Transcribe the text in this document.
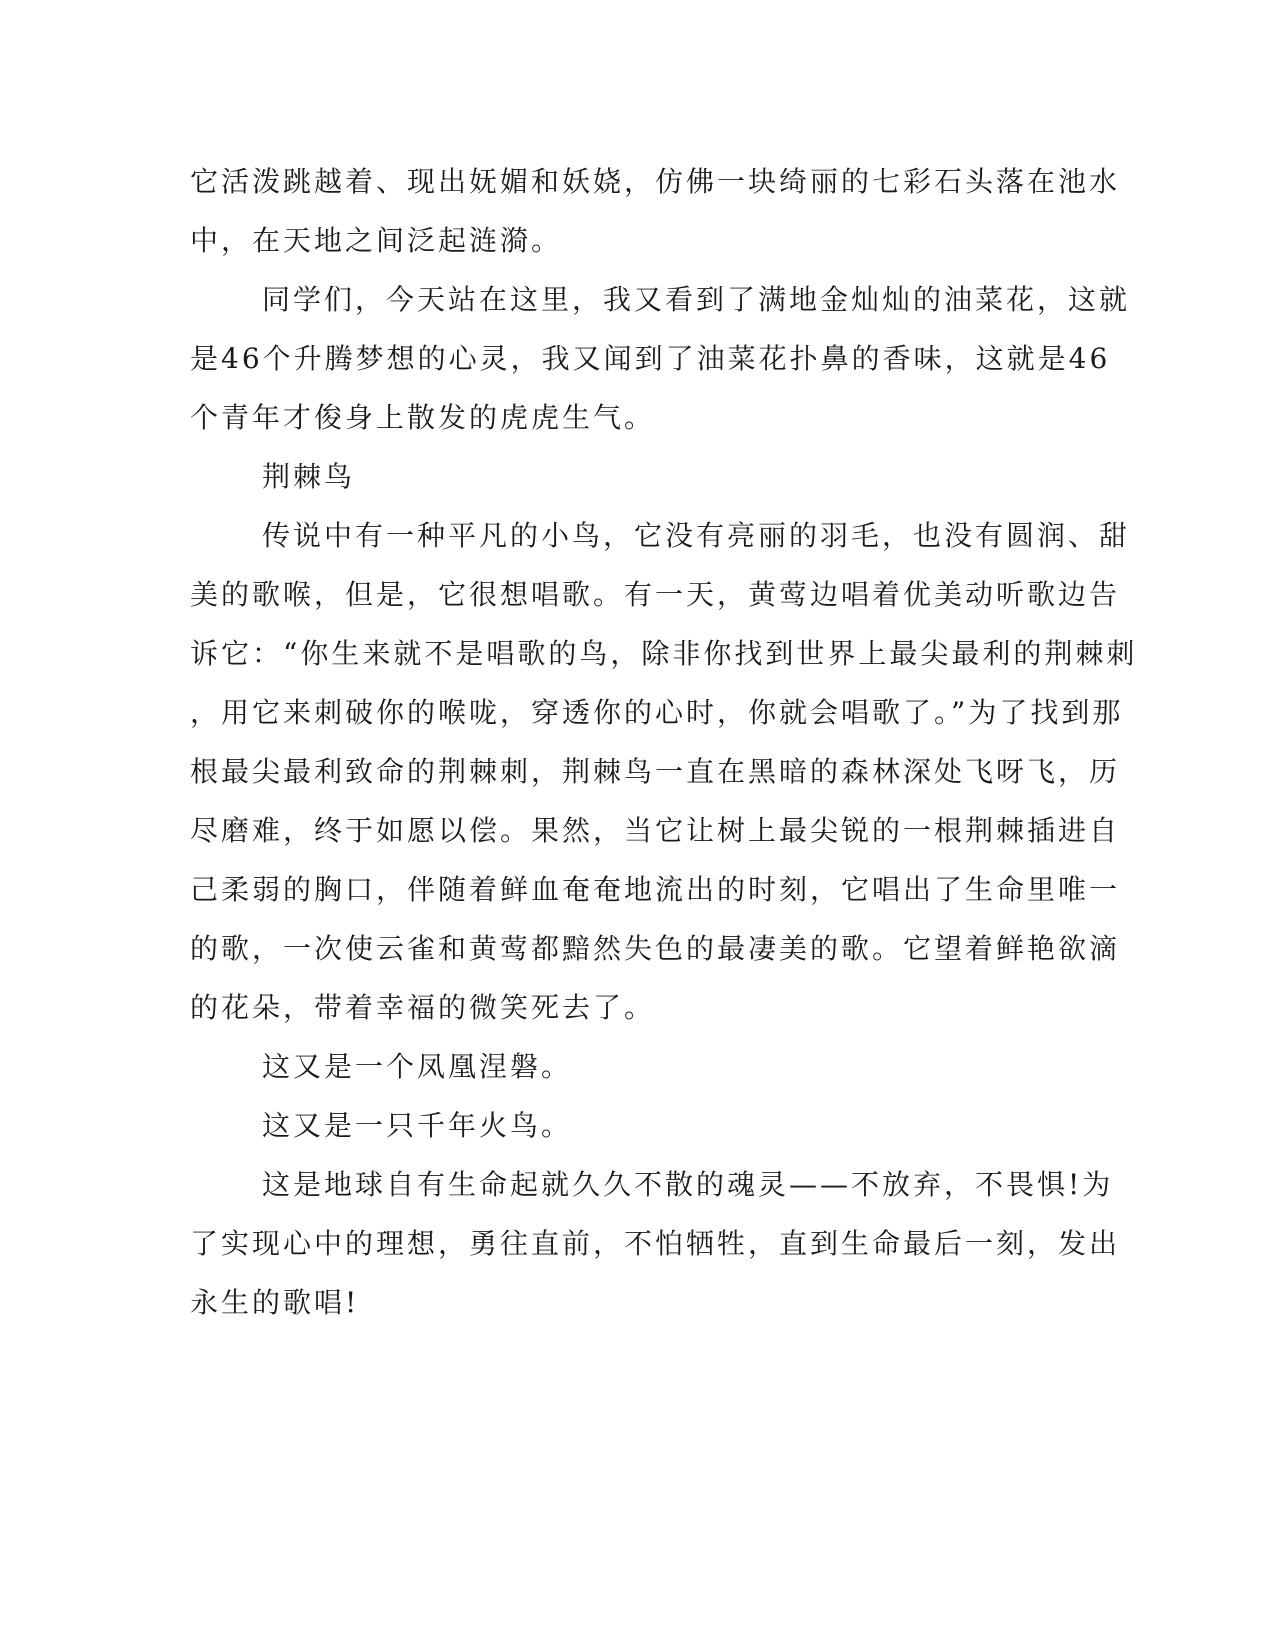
它活泼跳越着、现出妩媚和妖娆，仿佛一块绮丽的七彩石头落在池水
中，在天地之间泛起涟漪。
同学们，今天站在这里，我又看到了满地金灿灿的油菜花，这就
是46个升腾梦想的心灵，我又闻到了油菜花扑鼻的香味，这就是46
个青年才俊身上散发的虎虎生气。
荆棘鸟
传说中有一种平凡的小鸟，它没有亮丽的羽毛，也没有圆润、甜
美的歌喉，但是，它很想唱歌。有一天，黄莺边唱着优美动听歌边告
诉它：“你生来就不是唱歌的鸟，除非你找到世界上最尖最利的荆棘刺
，用它来刺破你的喉咙，穿透你的心时，你就会唱歌了。”为了找到那
根最尖最利致命的荆棘刺，荆棘鸟一直在黑暗的森林深处飞呀飞，历
尽磨难，终于如愿以偿。果然，当它让树上最尖锐的一根荆棘插进自
己柔弱的胸口，伴随着鲜血奄奄地流出的时刻，它唱出了生命里唯一
的歌，一次使云雀和黄莺都黯然失色的最凄美的歌。它望着鲜艳欲滴
的花朵，带着幸福的微笑死去了。
这又是一个凤凰涅磐。
这又是一只千年火鸟。
这是地球自有生命起就久久不散的魂灵——不放弃，不畏惧!为
了实现心中的理想，勇往直前，不怕牺牲，直到生命最后一刻，发出
永生的歌唱!
